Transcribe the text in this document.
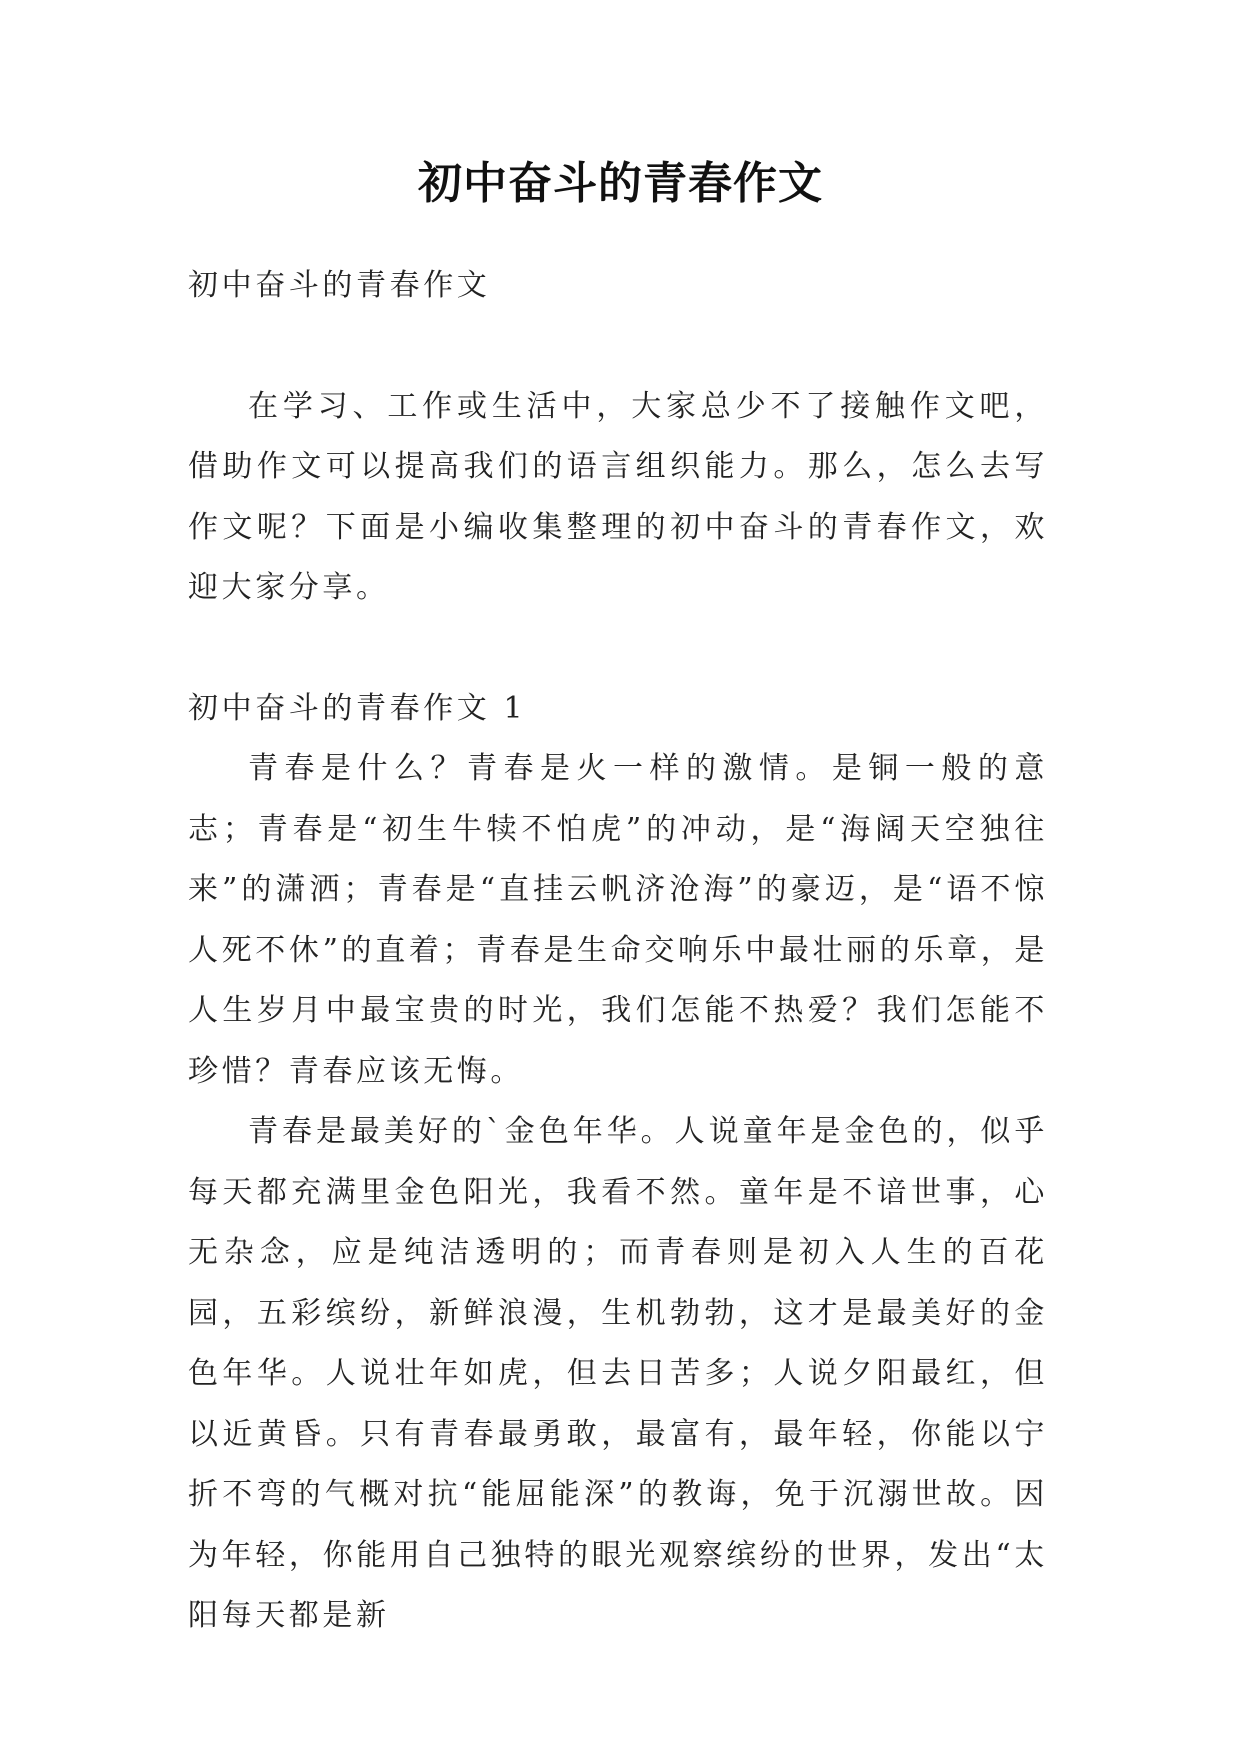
初中奋斗的青春作文

初中奋斗的青春作文

在学习、工作或生活中，大家总少不了接触作文吧，借助作文可以提高我们的语言组织能力。那么，怎么去写作文呢？下面是小编收集整理的初中奋斗的青春作文，欢迎大家分享。

初中奋斗的青春作文 1

青春是什么？青春是火一样的激情。是铜一般的意志；青春是“初生牛犊不怕虎”的冲动，是“海阔天空独往来”的潇洒；青春是“直挂云帆济沧海”的豪迈，是“语不惊人死不休”的直着；青春是生命交响乐中最壮丽的乐章，是人生岁月中最宝贵的时光，我们怎能不热爱？我们怎能不珍惜？青春应该无悔。

青春是最美好的`金色年华。人说童年是金色的，似乎每天都充满里金色阳光，我看不然。童年是不谙世事，心无杂念，应是纯洁透明的；而青春则是初入人生的百花园，五彩缤纷，新鲜浪漫，生机勃勃，这才是最美好的金色年华。人说壮年如虎，但去日苦多；人说夕阳最红，但以近黄昏。只有青春最勇敢，最富有，最年轻，你能以宁折不弯的气概对抗“能屈能深”的教诲，免于沉溺世故。因为年轻，你能用自己独特的眼光观察缤纷的世界，发出“太阳每天都是新
